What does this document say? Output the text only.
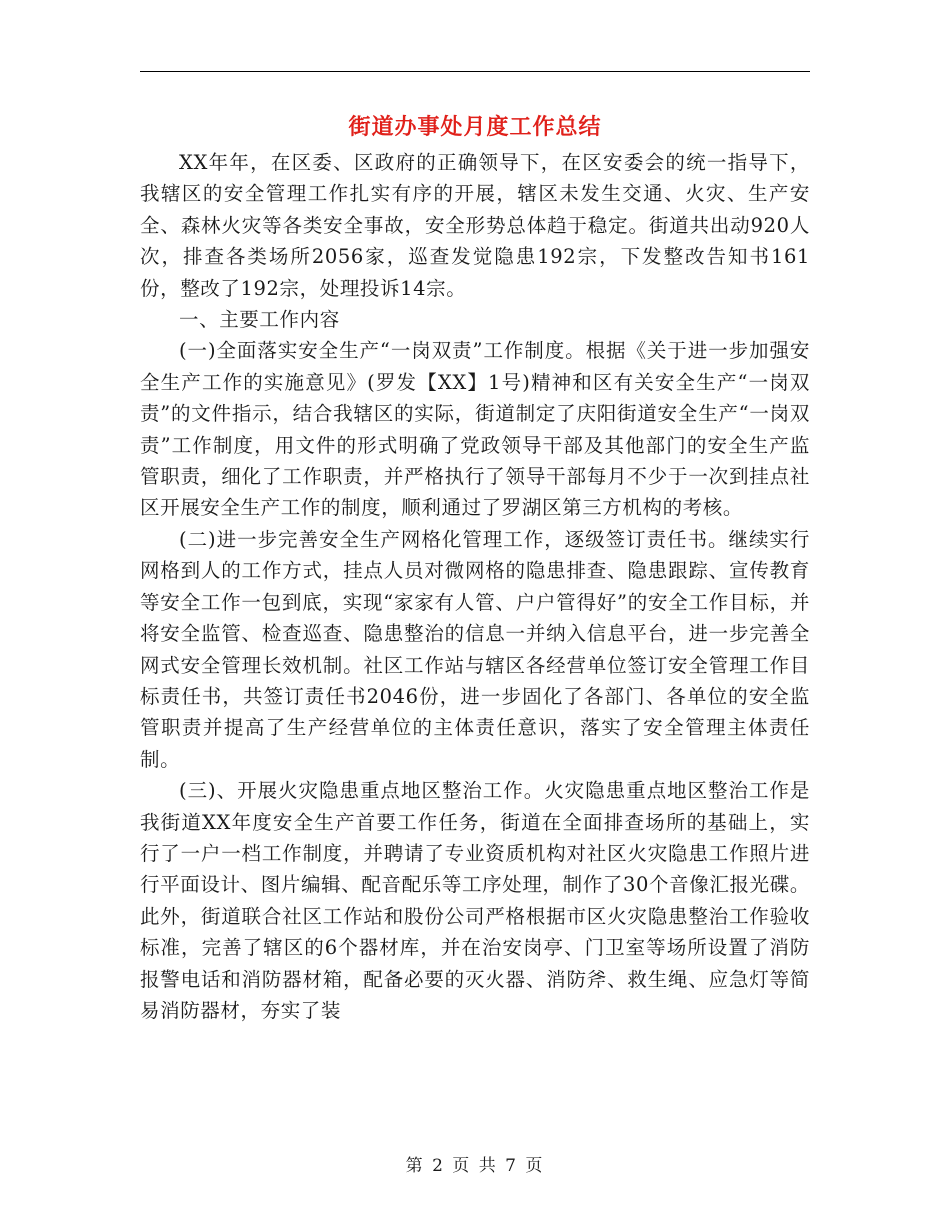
街道办事处月度工作总结

XX年年，在区委、区政府的正确领导下，在区安委会的统一指导下，我辖区的安全管理工作扎实有序的开展，辖区未发生交通、火灾、生产安全、森林火灾等各类安全事故，安全形势总体趋于稳定。街道共出动920人次，排查各类场所2056家，巡查发觉隐患192宗，下发整改告知书161份，整改了192宗，处理投诉14宗。

一、主要工作内容

(一)全面落实安全生产“一岗双责”工作制度。根据《关于进一步加强安全生产工作的实施意见》(罗发【XX】1号)精神和区有关安全生产“一岗双责”的文件指示，结合我辖区的实际，街道制定了庆阳街道安全生产“一岗双责”工作制度，用文件的形式明确了党政领导干部及其他部门的安全生产监管职责，细化了工作职责，并严格执行了领导干部每月不少于一次到挂点社区开展安全生产工作的制度，顺利通过了罗湖区第三方机构的考核。

(二)进一步完善安全生产网格化管理工作，逐级签订责任书。继续实行网格到人的工作方式，挂点人员对微网格的隐患排查、隐患跟踪、宣传教育等安全工作一包到底，实现“家家有人管、户户管得好”的安全工作目标，并将安全监管、检查巡查、隐患整治的信息一并纳入信息平台，进一步完善全网式安全管理长效机制。社区工作站与辖区各经营单位签订安全管理工作目标责任书，共签订责任书2046份，进一步固化了各部门、各单位的安全监管职责并提高了生产经营单位的主体责任意识，落实了安全管理主体责任制。

(三)、开展火灾隐患重点地区整治工作。火灾隐患重点地区整治工作是我街道XX年度安全生产首要工作任务，街道在全面排查场所的基础上，实行了一户一档工作制度，并聘请了专业资质机构对社区火灾隐患工作照片进行平面设计、图片编辑、配音配乐等工序处理，制作了30个音像汇报光碟。此外，街道联合社区工作站和股份公司严格根据市区火灾隐患整治工作验收标准，完善了辖区的6个器材库，并在治安岗亭、门卫室等场所设置了消防报警电话和消防器材箱，配备必要的灭火器、消防斧、救生绳、应急灯等简易消防器材，夯实了装

第 2 页 共 7 页
